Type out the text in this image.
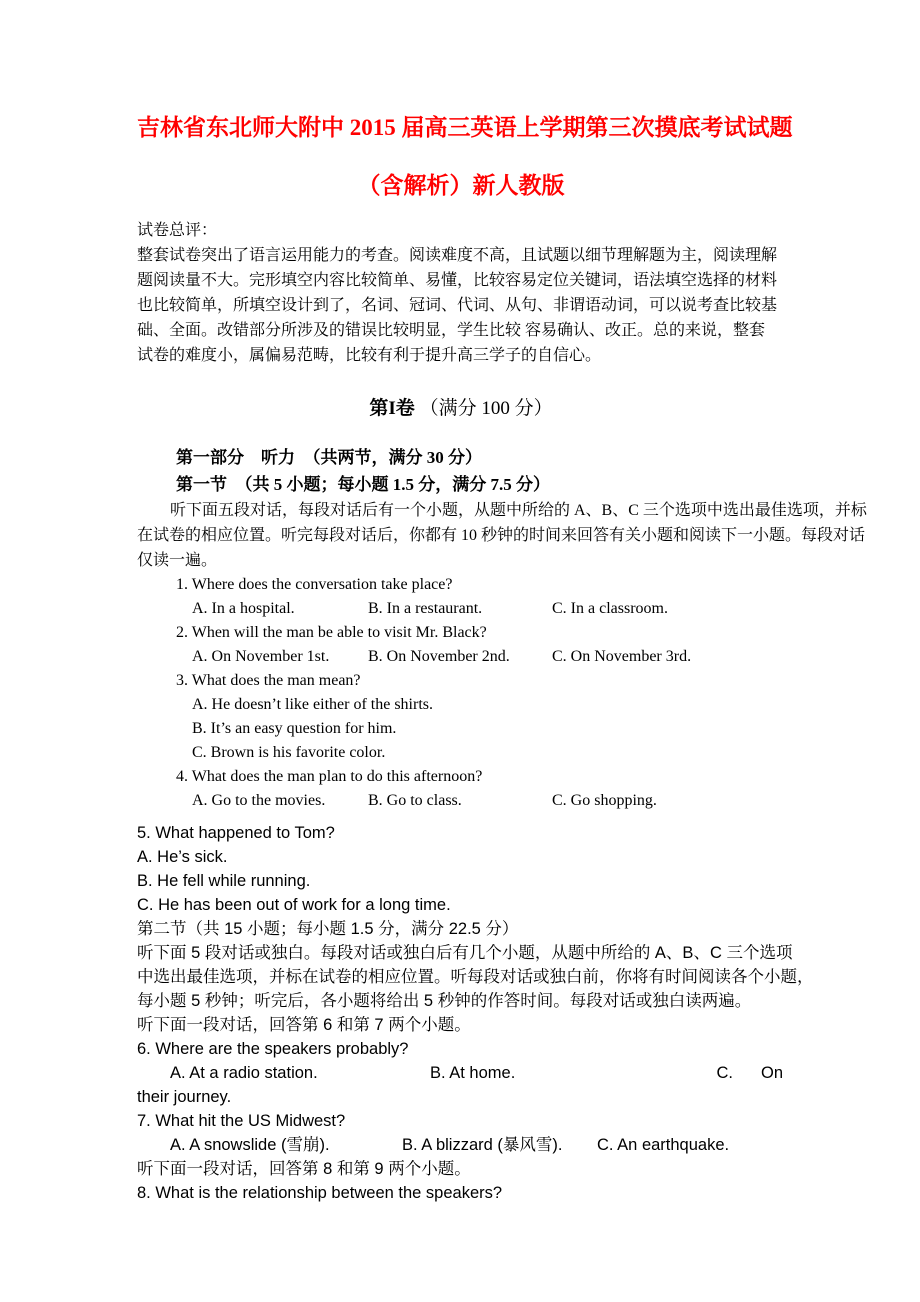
吉林省东北师大附中 2015 届高三英语上学期第三次摸底考试试题
（含解析）新人教版
试卷总评：
整套试卷突出了语言运用能力的考查。阅读难度不高，且试题以细节理解题为主，阅读理解
题阅读量不大。完形填空内容比较简单、易懂，比较容易定位关键词，语法填空选择的材料
也比较简单，所填空设计到了，名词、冠词、代词、从句、非谓语动词，可以说考查比较基
础、全面。改错部分所涉及的错误比较明显，学生比较 容易确认、改正。总的来说，整套
试卷的难度小，属偏易范畴，比较有利于提升高三学子的自信心。
第I卷 （满分 100 分）
第一部分　听力　（共两节，满分 30 分）
第一节　（共 5 小题；每小题 1.5 分，满分 7.5 分）
听下面五段对话，每段对话后有一个小题，从题中所给的 A、B、C 三个选项中选出最佳选项，并标
在试卷的相应位置。听完每段对话后，你都有 10 秒钟的时间来回答有关小题和阅读下一小题。每段对话
仅读一遍。
1. Where does the conversation take place?
A. In a hospital.	B. In a restaurant.	C. In a classroom.
2. When will the man be able to visit Mr. Black?
A. On November 1st.	B. On November 2nd.	C. On November 3rd.
3. What does the man mean?
A. He doesn’t like either of the shirts.
B. It’s an easy question for him.
C. Brown is his favorite color.
4. What does the man plan to do this afternoon?
A. Go to the movies.	B. Go to class.	C. Go shopping.
5. What happened to Tom?
A. He’s sick.
B. He fell while running.
C. He has been out of work for a long time.
第二节（共 15 小题；每小题 1.5 分，满分 22.5 分）
听下面 5 段对话或独白。每段对话或独白后有几个小题，从题中所给的 A、B、C 三个选项
中选出最佳选项，并标在试卷的相应位置。听每段对话或独白前，你将有时间阅读各个小题，
每小题 5 秒钟；听完后，各小题将给出 5 秒钟的作答时间。每段对话或独白读两遍。
听下面一段对话，回答第 6 和第 7 两个小题。
6. Where are the speakers probably?
A. At a radio station.	B. At home.	C. On
their journey.
7. What hit the US Midwest?
A. A snowslide (雪崩).	B. A blizzard (暴风雪).	C. An earthquake.
听下面一段对话，回答第 8 和第 9 两个小题。
8. What is the relationship between the speakers?
